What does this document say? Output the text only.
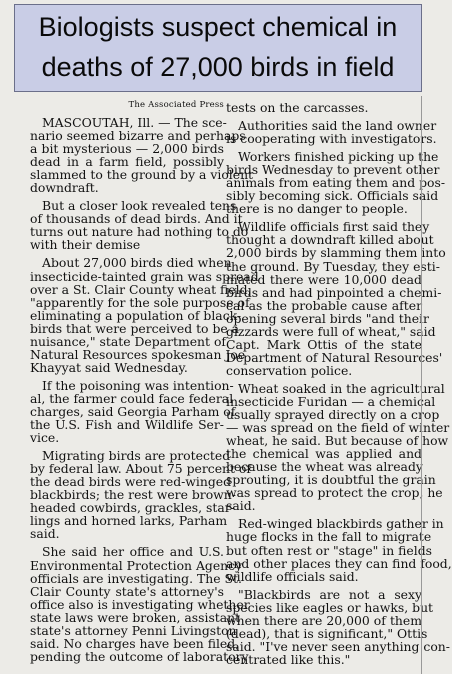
Biologists suspect chemical in
deaths of 27,000 birds in field

The Associated Press

MASCOUTAH, Ill. — The sce-
nario seemed bizarre and perhaps
a bit mysterious — 2,000 birds
dead in a farm field, possibly
slammed to the ground by a violent
downdraft.

But a closer look revealed tens
of thousands of dead birds. And it
turns out nature had nothing to do
with their demise

About 27,000 birds died when
insecticide-tainted grain was spread
over a St. Clair County wheat field,
"apparently for the sole purpose of
eliminating a population of black-
birds that were perceived to be a
nuisance," state Department of
Natural Resources spokesman Joe
Khayyat said Wednesday.

If the poisoning was intention-
al, the farmer could face federal
charges, said Georgia Parham of
the U.S. Fish and Wildlife Ser-
vice.

Migrating birds are protected
by federal law. About 75 percent of
the dead birds were red-winged
blackbirds; the rest were brown-
headed cowbirds, grackles, star-
lings and horned larks, Parham
said.

She said her office and U.S.
Environmental Protection Agency
officials are investigating. The St.
Clair County state's attorney's
office also is investigating whether
state laws were broken, assistant
state's attorney Penni Livingston
said. No charges have been filed,
pending the outcome of laboratory

tests on the carcasses.

Authorities said the land owner
is cooperating with investigators.

Workers finished picking up the
birds Wednesday to prevent other
animals from eating them and pos-
sibly becoming sick. Officials said
there is no danger to people.

Wildlife officials first said they
thought a downdraft killed about
2,000 birds by slamming them into
the ground. By Tuesday, they esti-
mated there were 10,000 dead
birds and had pinpointed a chemi-
cal as the probable cause after
opening several birds "and their
gizzards were full of wheat," said
Capt. Mark Ottis of the state
Department of Natural Resources'
conservation police.

Wheat soaked in the agricultural
insecticide Furidan — a chemical
usually sprayed directly on a crop
— was spread on the field of winter
wheat, he said. But because of how
the chemical was applied and
because the wheat was already
sprouting, it is doubtful the grain
was spread to protect the crop, he
said.

Red-winged blackbirds gather in
huge flocks in the fall to migrate
but often rest or "stage" in fields
and other places they can find food,
wildlife officials said.

"Blackbirds are not a sexy
species like eagles or hawks, but
when there are 20,000 of them
(dead), that is significant," Ottis
said. "I've never seen anything con-
centrated like this."
